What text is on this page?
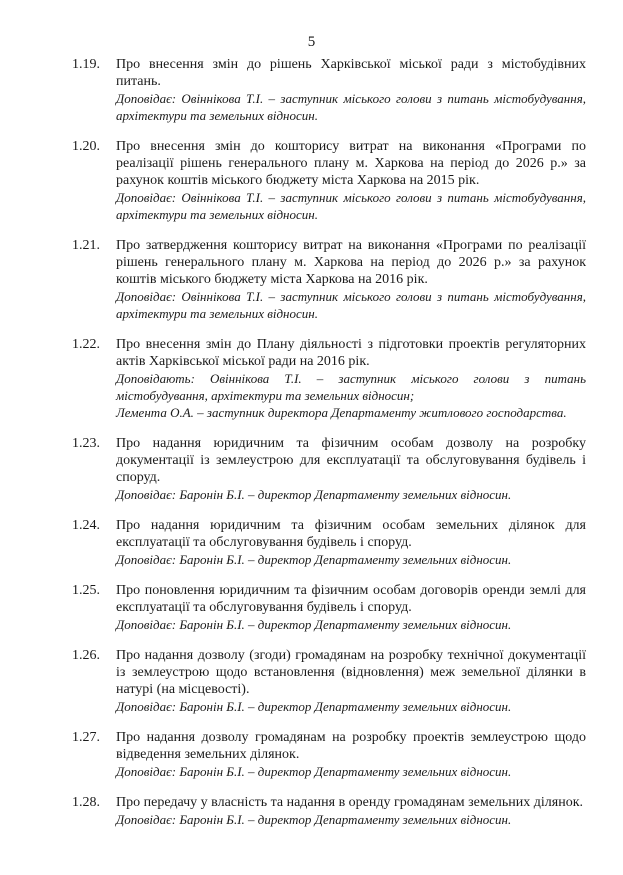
5
1.19. Про внесення змін до рішень Харківської міської ради з містобудівних питань.
Доповідає: Овіннікова Т.І. – заступник міського голови з питань містобудування, архітектури та земельних відносин.
1.20. Про внесення змін до кошторису витрат на виконання «Програми по реалізації рішень генерального плану м. Харкова на період до 2026 р.» за рахунок коштів міського бюджету міста Харкова на 2015 рік.
Доповідає: Овіннікова Т.І. – заступник міського голови з питань містобудування, архітектури та земельних відносин.
1.21. Про затвердження кошторису витрат на виконання «Програми по реалізації рішень генерального плану м. Харкова на період до 2026 р.» за рахунок коштів міського бюджету міста Харкова на 2016 рік.
Доповідає: Овіннікова Т.І. – заступник міського голови з питань містобудування, архітектури та земельних відносин.
1.22. Про внесення змін до Плану діяльності з підготовки проектів регуляторних актів Харківської міської ради на 2016 рік.
Доповідають: Овіннікова Т.І. – заступник міського голови з питань містобудування, архітектури та земельних відносин;
Лемента О.А. – заступник директора Департаменту житлового господарства.
1.23. Про надання юридичним та фізичним особам дозволу на розробку документації із землеустрою для експлуатації та обслуговування будівель і споруд.
Доповідає: Баронін Б.І. – директор Департаменту земельних відносин.
1.24. Про надання юридичним та фізичним особам земельних ділянок для експлуатації та обслуговування будівель і споруд.
Доповідає: Баронін Б.І. – директор Департаменту земельних відносин.
1.25. Про поновлення юридичним та фізичним особам договорів оренди землі для експлуатації та обслуговування будівель і споруд.
Доповідає: Баронін Б.І. – директор Департаменту земельних відносин.
1.26. Про надання дозволу (згоди) громадянам на розробку технічної документації із землеустрою щодо встановлення (відновлення) меж земельної ділянки в натурі (на місцевості).
Доповідає: Баронін Б.І. – директор Департаменту земельних відносин.
1.27. Про надання дозволу громадянам на розробку проектів землеустрою щодо відведення земельних ділянок.
Доповідає: Баронін Б.І. – директор Департаменту земельних відносин.
1.28. Про передачу у власність та надання в оренду громадянам земельних ділянок.
Доповідає: Баронін Б.І. – директор Департаменту земельних відносин.
